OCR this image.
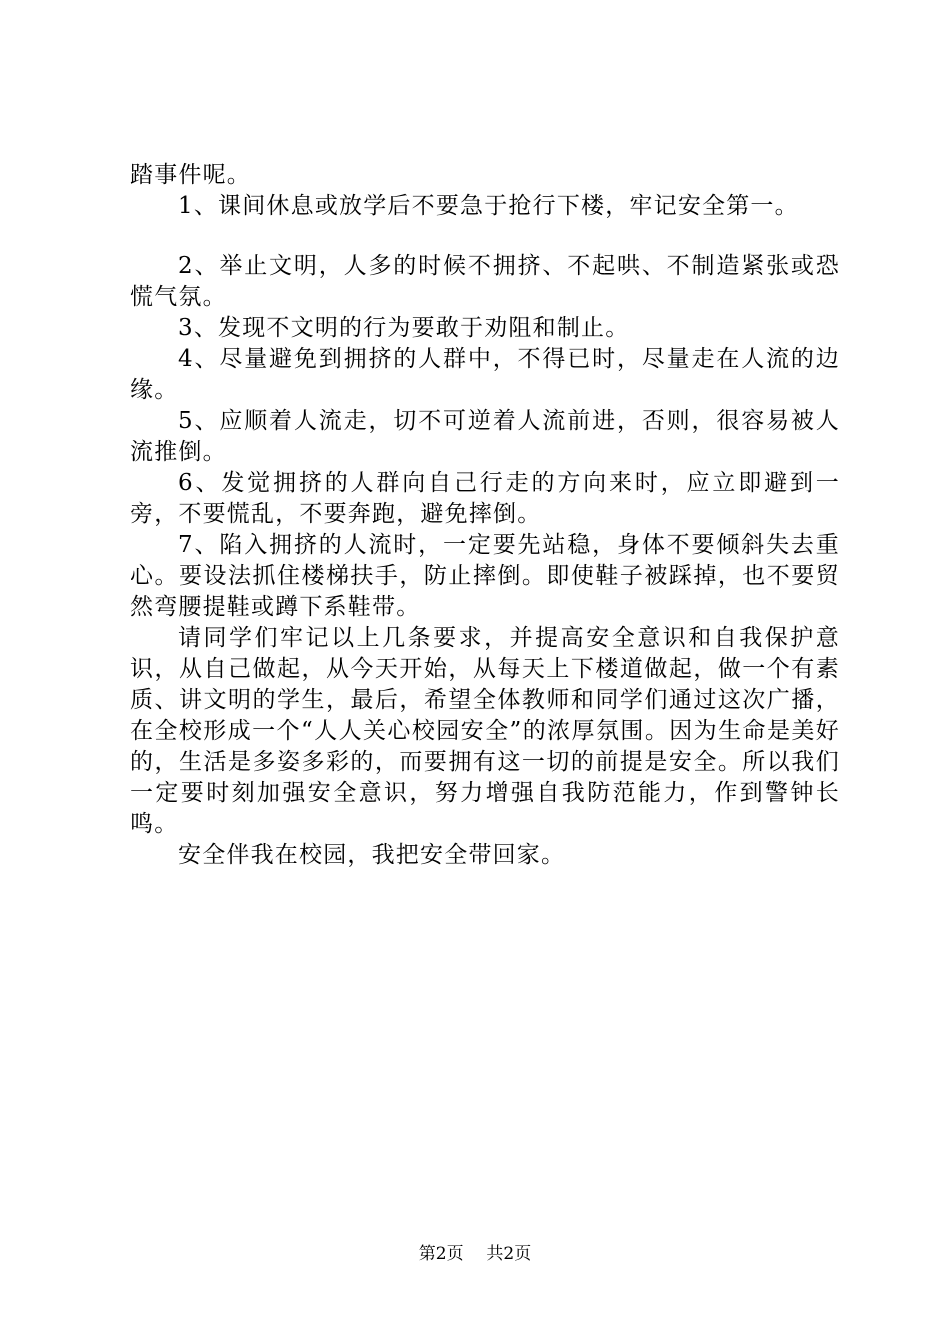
踏事件呢。

1、课间休息或放学后不要急于抢行下楼，牢记安全第一。

2、举止文明，人多的时候不拥挤、不起哄、不制造紧张或恐慌气氛。

3、发现不文明的行为要敢于劝阻和制止。

4、尽量避免到拥挤的人群中，不得已时，尽量走在人流的边缘。

5、应顺着人流走，切不可逆着人流前进，否则，很容易被人流推倒。

6、发觉拥挤的人群向自己行走的方向来时，应立即避到一旁，不要慌乱，不要奔跑，避免摔倒。

7、陷入拥挤的人流时，一定要先站稳，身体不要倾斜失去重心。要设法抓住楼梯扶手，防止摔倒。即使鞋子被踩掉，也不要贸然弯腰提鞋或蹲下系鞋带。

请同学们牢记以上几条要求，并提高安全意识和自我保护意识，从自己做起，从今天开始，从每天上下楼道做起，做一个有素质、讲文明的学生，最后，希望全体教师和同学们通过这次广播，在全校形成一个“人人关心校园安全”的浓厚氛围。因为生命是美好的，生活是多姿多彩的，而要拥有这一切的前提是安全。所以我们一定要时刻加强安全意识，努力增强自我防范能力，作到警钟长鸣。

安全伴我在校园，我把安全带回家。

第2页 共2页
